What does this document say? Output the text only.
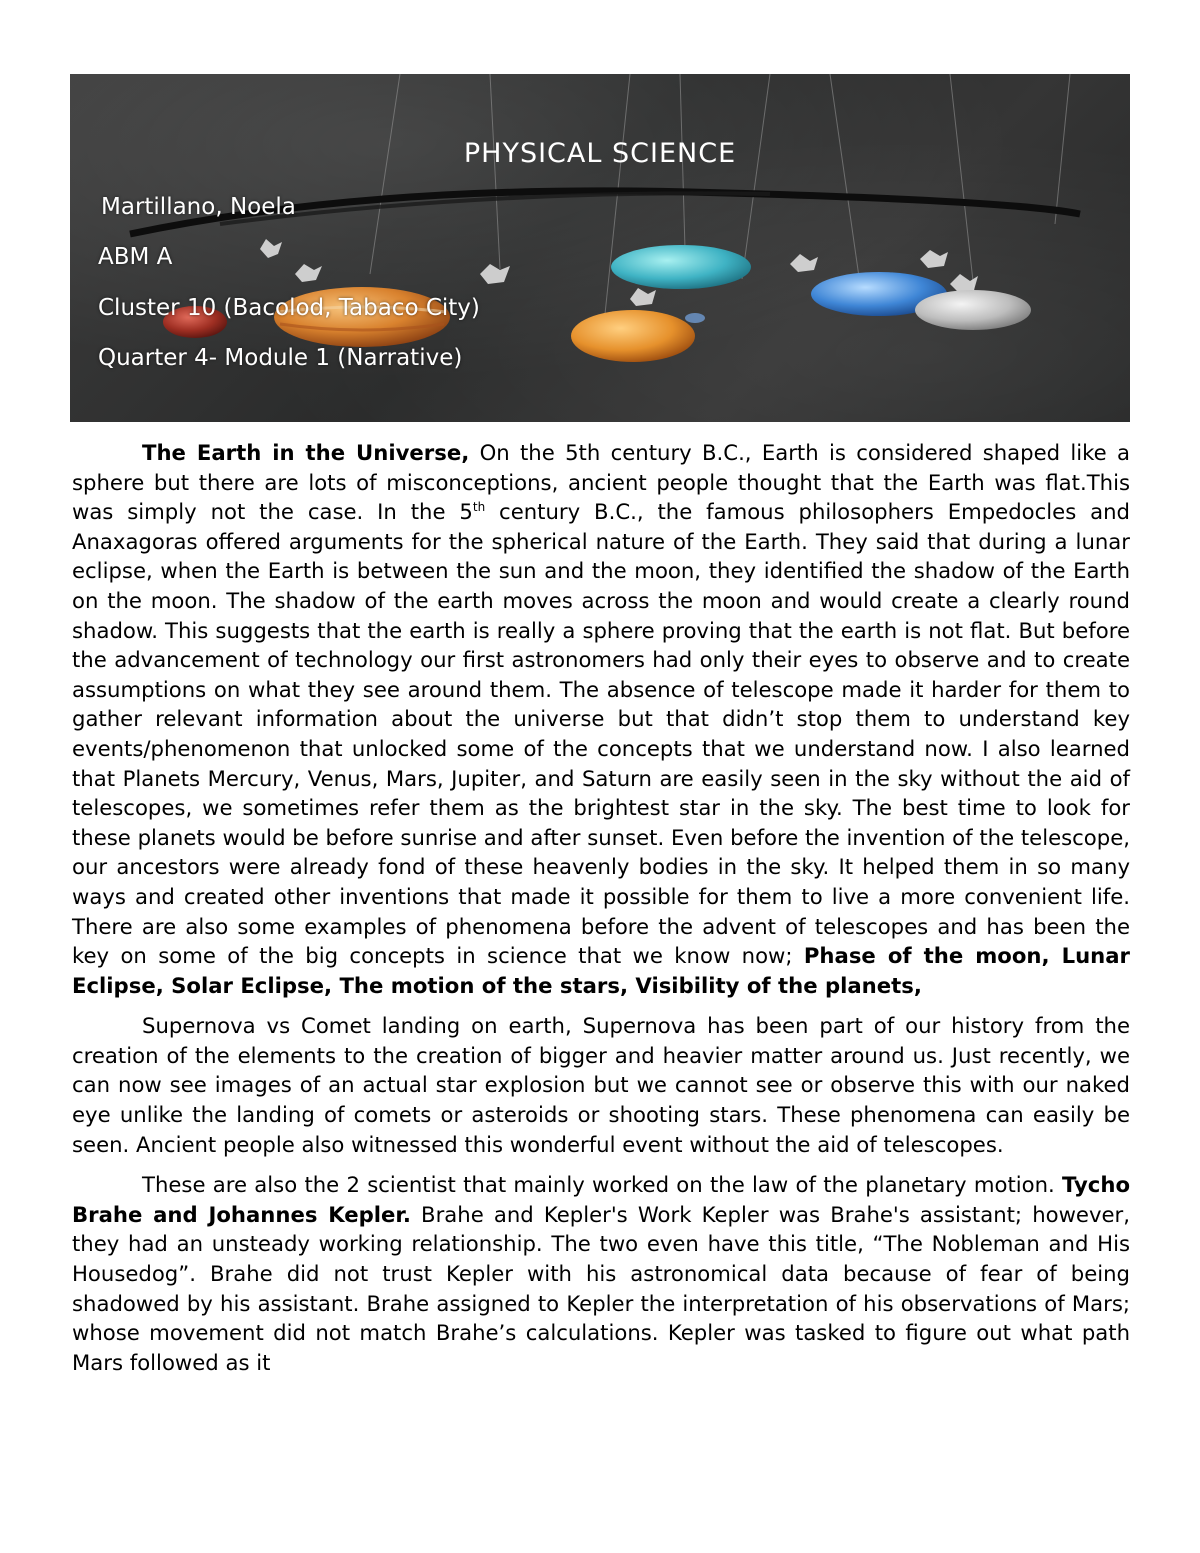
PHYSICAL SCIENCE
Martillano, Noela
ABM A
Cluster 10 (Bacolod, Tabaco City)
Quarter 4- Module 1 (Narrative)

The Earth in the Universe, On the 5th century B.C., Earth is considered shaped like a sphere but there are lots of misconceptions, ancient people thought that the Earth was flat.This was simply not the case. In the 5th century B.C., the famous philosophers Empedocles and Anaxagoras offered arguments for the spherical nature of the Earth. They said that during a lunar eclipse, when the Earth is between the sun and the moon, they identified the shadow of the Earth on the moon. The shadow of the earth moves across the moon and would create a clearly round shadow. This suggests that the earth is really a sphere proving that the earth is not flat. But before the advancement of technology our first astronomers had only their eyes to observe and to create assumptions on what they see around them. The absence of telescope made it harder for them to gather relevant information about the universe but that didn’t stop them to understand key events/phenomenon that unlocked some of the concepts that we understand now. I also learned that Planets Mercury, Venus, Mars, Jupiter, and Saturn are easily seen in the sky without the aid of telescopes, we sometimes refer them as the brightest star in the sky. The best time to look for these planets would be before sunrise and after sunset. Even before the invention of the telescope, our ancestors were already fond of these heavenly bodies in the sky. It helped them in so many ways and created other inventions that made it possible for them to live a more convenient life. There are also some examples of phenomena before the advent of telescopes and has been the key on some of the big concepts in science that we know now; Phase of the moon, Lunar Eclipse, Solar Eclipse, The motion of the stars, Visibility of the planets,

Supernova vs Comet landing on earth, Supernova has been part of our history from the creation of the elements to the creation of bigger and heavier matter around us. Just recently, we can now see images of an actual star explosion but we cannot see or observe this with our naked eye unlike the landing of comets or asteroids or shooting stars. These phenomena can easily be seen. Ancient people also witnessed this wonderful event without the aid of telescopes.

These are also the 2 scientist that mainly worked on the law of the planetary motion. Tycho Brahe and Johannes Kepler. Brahe and Kepler's Work Kepler was Brahe's assistant; however, they had an unsteady working relationship. The two even have this title, “The Nobleman and His Housedog”. Brahe did not trust Kepler with his astronomical data because of fear of being shadowed by his assistant. Brahe assigned to Kepler the interpretation of his observations of Mars; whose movement did not match Brahe’s calculations. Kepler was tasked to figure out what path Mars followed as it
